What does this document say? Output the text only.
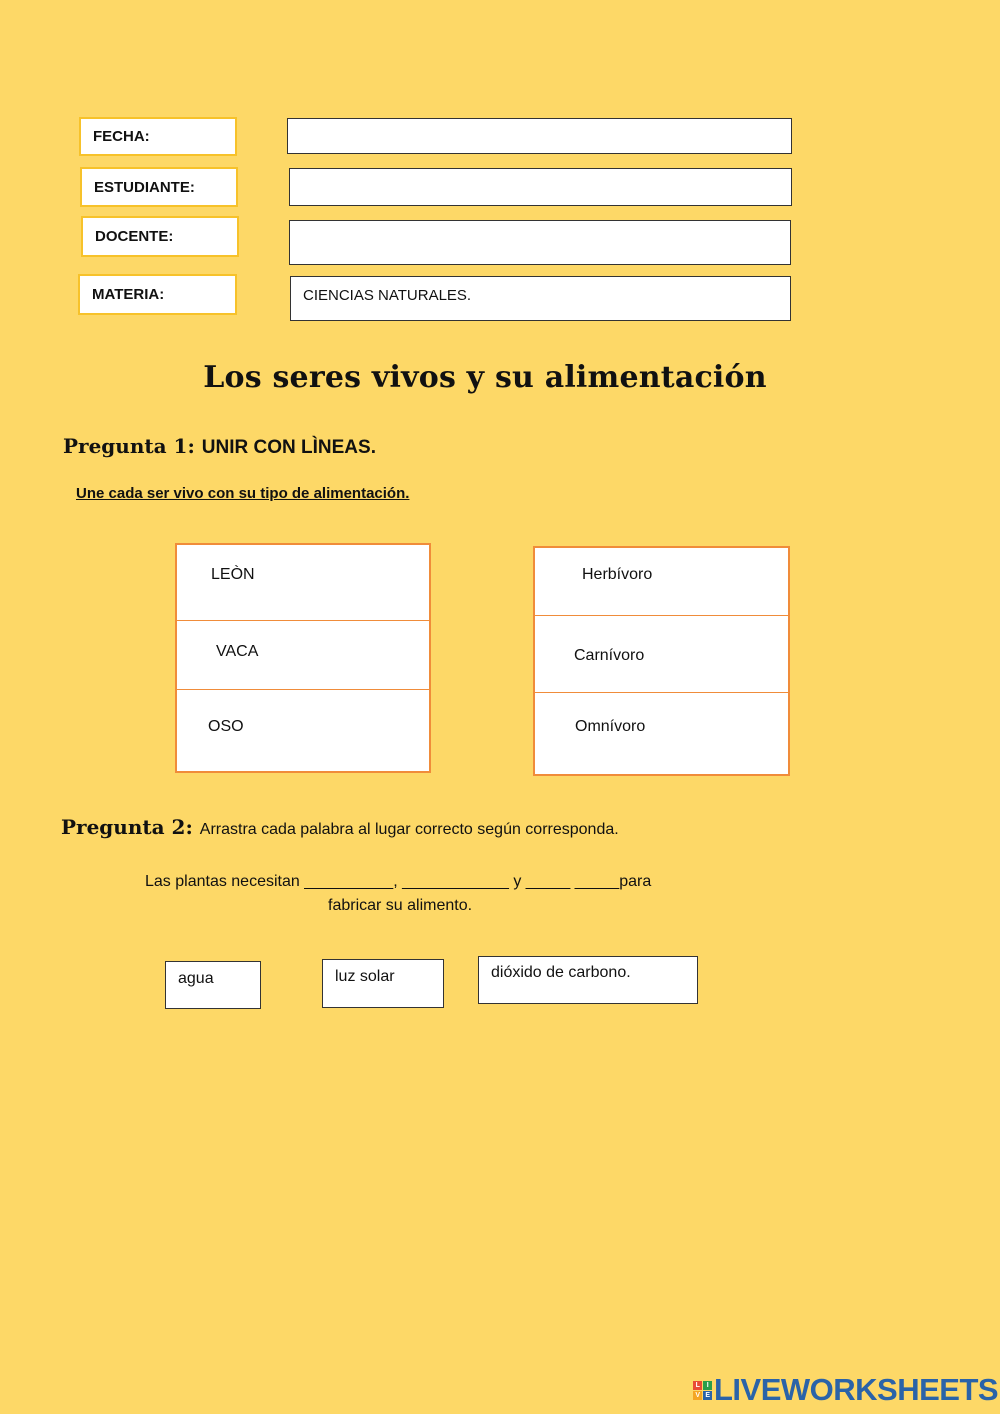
FECHA:
ESTUDIANTE:
DOCENTE:
MATERIA:	CIENCIAS NATURALES.
Los seres vivos y su alimentación
Pregunta 1: UNIR CON LÌNEAS.
Une cada ser vivo con su tipo de alimentación.
LEÒN
VACA
OSO
Herbívoro
Carnívoro
Omnívoro
Pregunta 2: Arrastra cada palabra al lugar correcto según corresponda.
Las plantas necesitan __________, ____________ y _____ _____para
fabricar su alimento.
agua	luz solar	dióxido de carbono.
L	I
V E LIVEWORKSHEETS
